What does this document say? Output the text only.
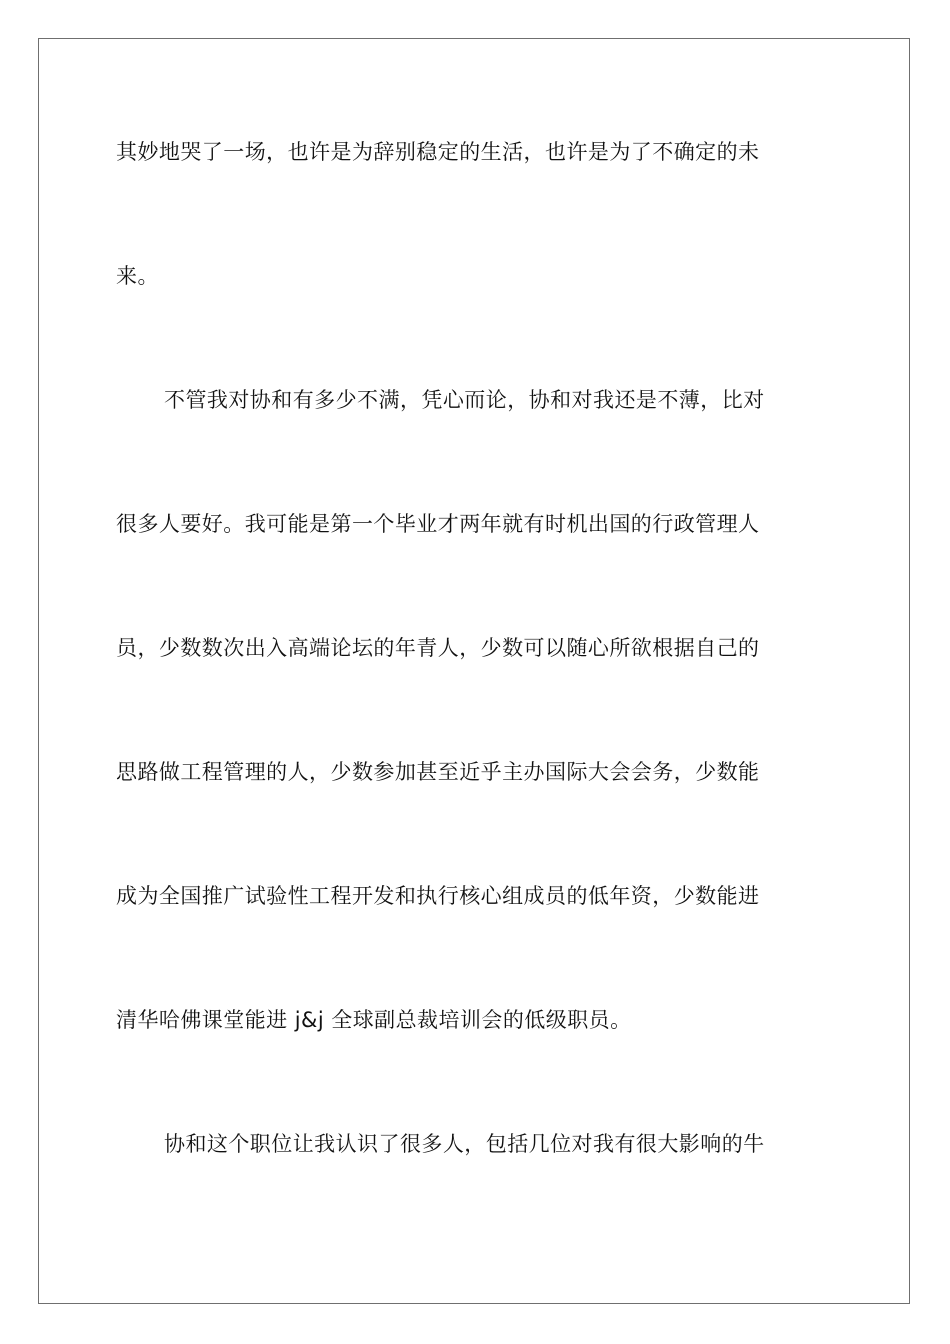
其妙地哭了一场，也许是为辞别稳定的生活，也许是为了不确定的未
来。
不管我对协和有多少不满，凭心而论，协和对我还是不薄，比对
很多人要好。我可能是第一个毕业才两年就有时机出国的行政管理人
员，少数数次出入高端论坛的年青人，少数可以随心所欲根据自己的
思路做工程管理的人，少数参加甚至近乎主办国际大会会务，少数能
成为全国推广试验性工程开发和执行核心组成员的低年资，少数能进
清华哈佛课堂能进 j&j 全球副总裁培训会的低级职员。
协和这个职位让我认识了很多人，包括几位对我有很大影响的牛
